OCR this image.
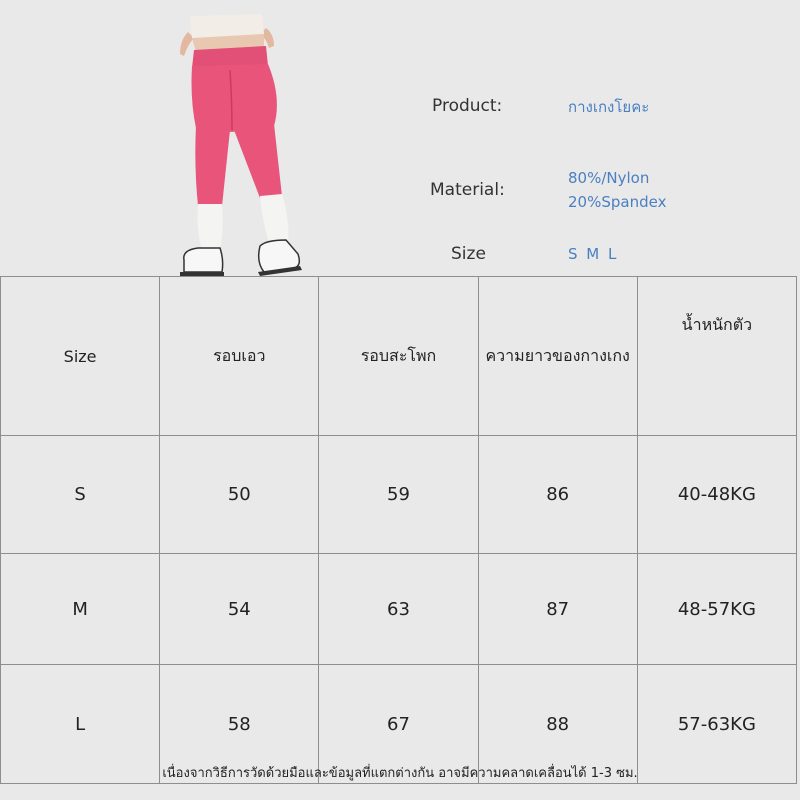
Product:	กางเกงโยคะ
Material:
80%/Nylon
20%Spandex
Size	S M L
Size	รอบเอว	รอบสะโพก	ความยาวของกางเกง	น้ำหนักตัว
S	50	59	86	40-48KG
M	54	63	87	48-57KG
L	58	67	88	57-63KG
เนื่องจากวิธีการวัดด้วยมือและข้อมูลที่แตกต่างกัน อาจมีความคลาดเคลื่อนได้ 1-3 ซม.
